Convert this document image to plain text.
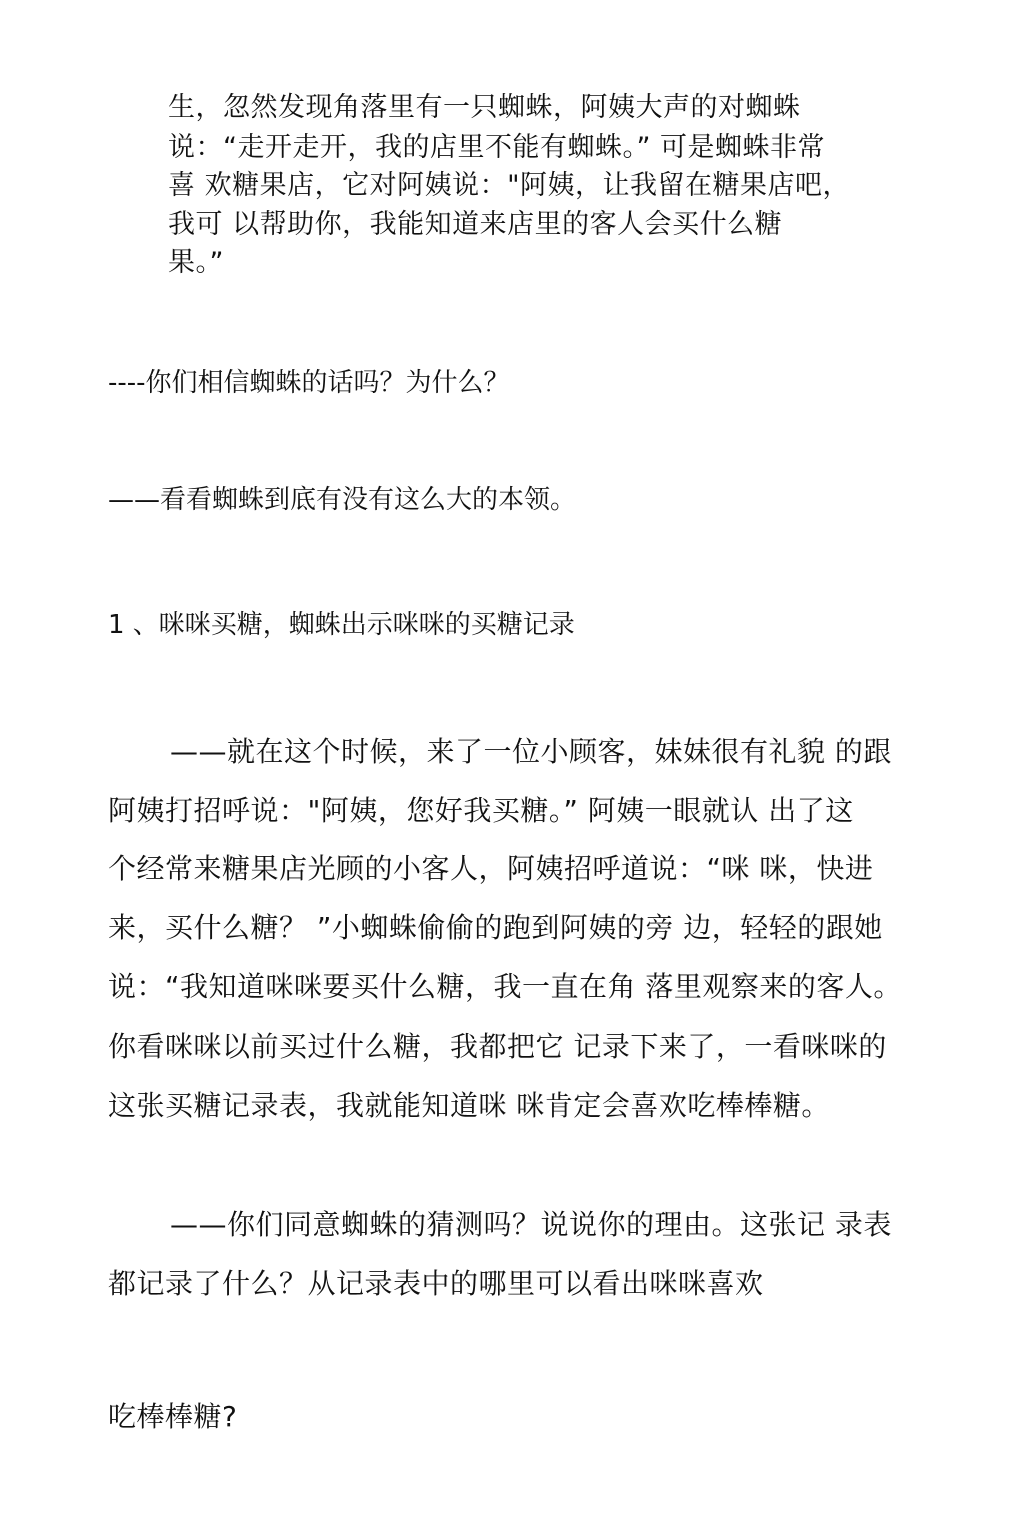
生，忽然发现角落里有一只蜘蛛，阿姨大声的对蜘蛛
说：“走开走开，我的店里不能有蜘蛛。” 可是蜘蛛非常
喜 欢糖果店，它对阿姨说："阿姨，让我留在糖果店吧，
我可 以帮助你，我能知道来店里的客人会买什么糖
果。”
----你们相信蜘蛛的话吗？为什么？
——看看蜘蛛到底有没有这么大的本领。
1 、咪咪买糖，蜘蛛出示咪咪的买糖记录
——就在这个时候，来了一位小顾客，妹妹很有礼貌 的跟
阿姨打招呼说："阿姨，您好我买糖。” 阿姨一眼就认 出了这
个经常来糖果店光顾的小客人，阿姨招呼道说：“咪 咪，快进
来，买什么糖？ ”小蜘蛛偷偷的跑到阿姨的旁 边，轻轻的跟她
说：“我知道咪咪要买什么糖，我一直在角 落里观察来的客人。
你看咪咪以前买过什么糖，我都把它 记录下来了，一看咪咪的
这张买糖记录表，我就能知道咪 咪肯定会喜欢吃棒棒糖。
——你们同意蜘蛛的猜测吗？说说你的理由。这张记 录表
都记录了什么？从记录表中的哪里可以看出咪咪喜欢
吃棒棒糖?
